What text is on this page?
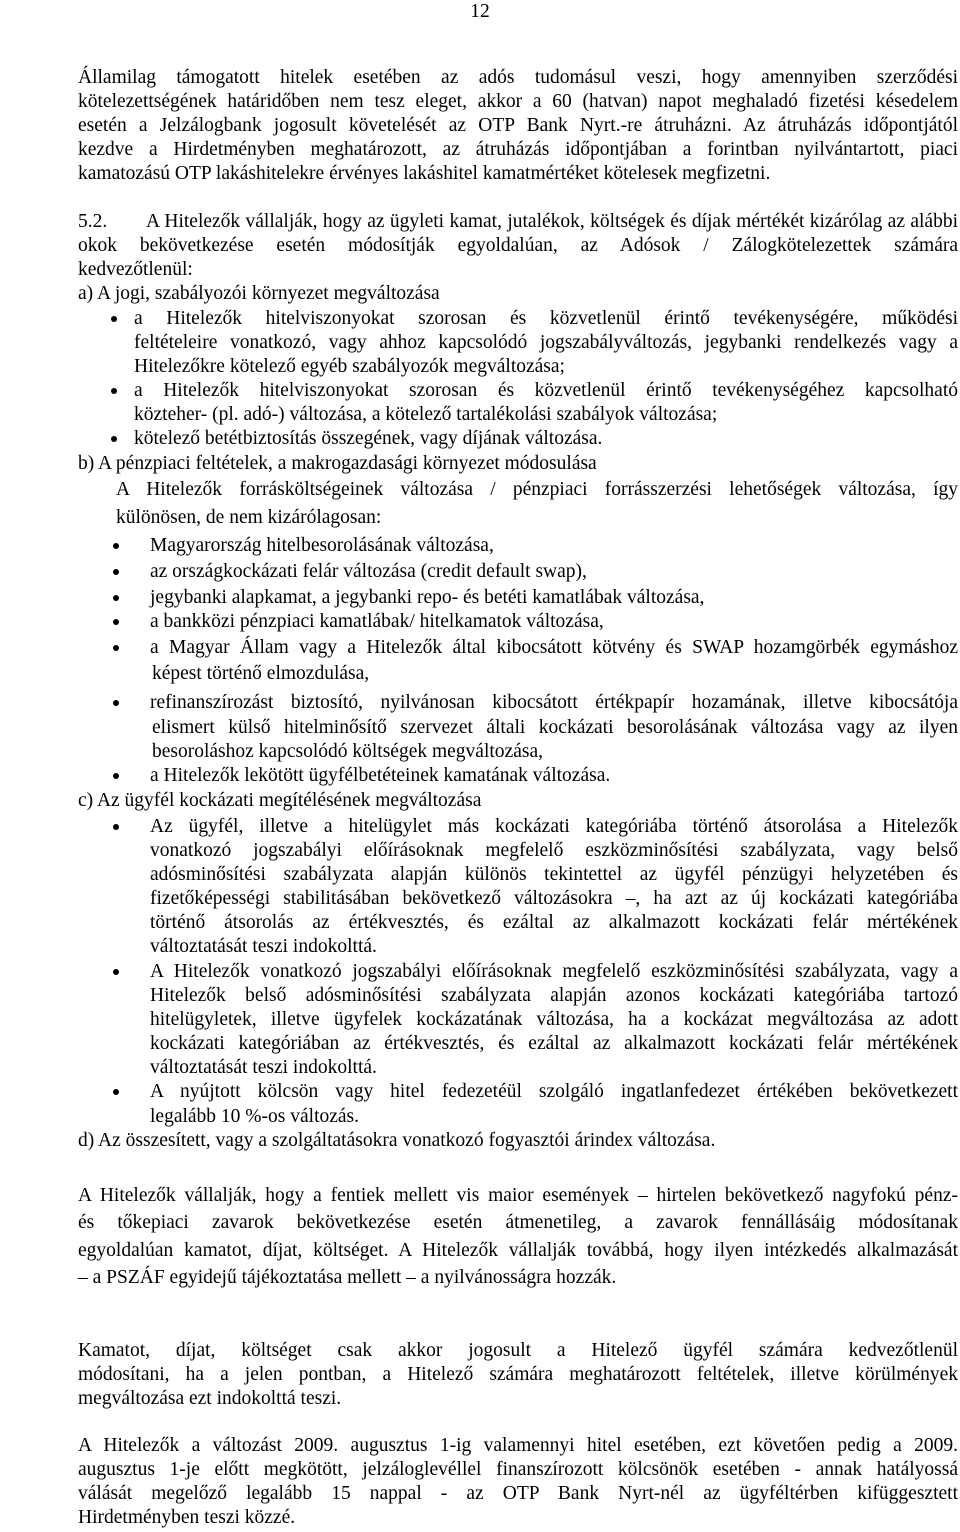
12
Államilag támogatott hitelek esetében az adós tudomásul veszi, hogy amennyiben szerződési
kötelezettségének határidőben nem tesz eleget, akkor a 60 (hatvan) napot meghaladó fizetési késedelem
esetén a Jelzálogbank jogosult követelését az OTP Bank Nyrt.-re átruházni. Az átruházás időpontjától
kezdve a Hirdetményben meghatározott, az átruházás időpontjában a forintban nyilvántartott, piaci
kamatozású OTP lakáshitelekre érvényes lakáshitel kamatmértéket kötelesek megfizetni.
5.2.	A Hitelezők vállalják, hogy az ügyleti kamat, jutalékok, költségek és díjak mértékét kizárólag az alábbi
okok bekövetkezése esetén módosítják egyoldalúan, az Adósok / Zálogkötelezettek számára
kedvezőtlenül:
a) A jogi, szabályozói környezet megváltozása
a Hitelezők hitelviszonyokat szorosan és közvetlenül érintő tevékenységére, működési
feltételeire vonatkozó, vagy ahhoz kapcsolódó jogszabályváltozás, jegybanki rendelkezés vagy a
Hitelezőkre kötelező egyéb szabályozók megváltozása;
a Hitelezők hitelviszonyokat szorosan és közvetlenül érintő tevékenységéhez kapcsolható
közteher- (pl. adó-) változása, a kötelező tartalékolási szabályok változása;
kötelező betétbiztosítás összegének, vagy díjának változása.
b) A pénzpiaci feltételek, a makrogazdasági környezet módosulása
A Hitelezők forrásköltségeinek változása / pénzpiaci forrásszerzési lehetőségek változása, így
különösen, de nem kizárólagosan:
Magyarország hitelbesorolásának változása,
az országkockázati felár változása (credit default swap),
jegybanki alapkamat, a jegybanki repo- és betéti kamatlábak változása,
a bankközi pénzpiaci kamatlábak/ hitelkamatok változása,
a Magyar Állam vagy a Hitelezők által kibocsátott kötvény és SWAP hozamgörbék egymáshoz
képest történő elmozdulása,
refinanszírozást biztosító, nyilvánosan kibocsátott értékpapír hozamának, illetve kibocsátója
elismert külső hitelminősítő szervezet általi kockázati besorolásának változása vagy az ilyen
besoroláshoz kapcsolódó költségek megváltozása,
a Hitelezők lekötött ügyfélbetéteinek kamatának változása.
c) Az ügyfél kockázati megítélésének megváltozása
Az ügyfél, illetve a hitelügylet más kockázati kategóriába történő átsorolása a Hitelezők
vonatkozó jogszabályi előírásoknak megfelelő eszközminősítési szabályzata, vagy belső
adósminősítési szabályzata alapján különös tekintettel az ügyfél pénzügyi helyzetében és
fizetőképességi stabilitásában bekövetkező változásokra –, ha azt az új kockázati kategóriába
történő átsorolás az értékvesztés, és ezáltal az alkalmazott kockázati felár mértékének
változtatását teszi indokolttá.
A Hitelezők vonatkozó jogszabályi előírásoknak megfelelő eszközminősítési szabályzata, vagy a
Hitelezők belső adósminősítési szabályzata alapján azonos kockázati kategóriába tartozó
hitelügyletek, illetve ügyfelek kockázatának változása, ha a kockázat megváltozása az adott
kockázati kategóriában az értékvesztés, és ezáltal az alkalmazott kockázati felár mértékének
változtatását teszi indokolttá.
A nyújtott kölcsön vagy hitel fedezetéül szolgáló ingatlanfedezet értékében bekövetkezett
legalább 10 %-os változás.
d) Az összesített, vagy a szolgáltatásokra vonatkozó fogyasztói árindex változása.
A Hitelezők vállalják, hogy a fentiek mellett vis maior események – hirtelen bekövetkező nagyfokú pénz-
és tőkepiaci zavarok bekövetkezése esetén átmenetileg, a zavarok fennállásáig módosítanak
egyoldalúan kamatot, díjat, költséget. A Hitelezők vállalják továbbá, hogy ilyen intézkedés alkalmazását
– a PSZÁF egyidejű tájékoztatása mellett – a nyilvánosságra hozzák.
Kamatot, díjat, költséget csak akkor jogosult a Hitelező ügyfél számára kedvezőtlenül
módosítani, ha a jelen pontban, a Hitelező számára meghatározott feltételek, illetve körülmények
megváltozása ezt indokolttá teszi.
A Hitelezők a változást 2009. augusztus 1-ig valamennyi hitel esetében, ezt követően pedig a 2009.
augusztus 1-je előtt megkötött, jelzáloglevéllel finanszírozott kölcsönök esetében - annak hatályossá
válását megelőző legalább 15 nappal - az OTP Bank Nyrt-nél az ügyféltérben kifüggesztett
Hirdetményben teszi közzé.
